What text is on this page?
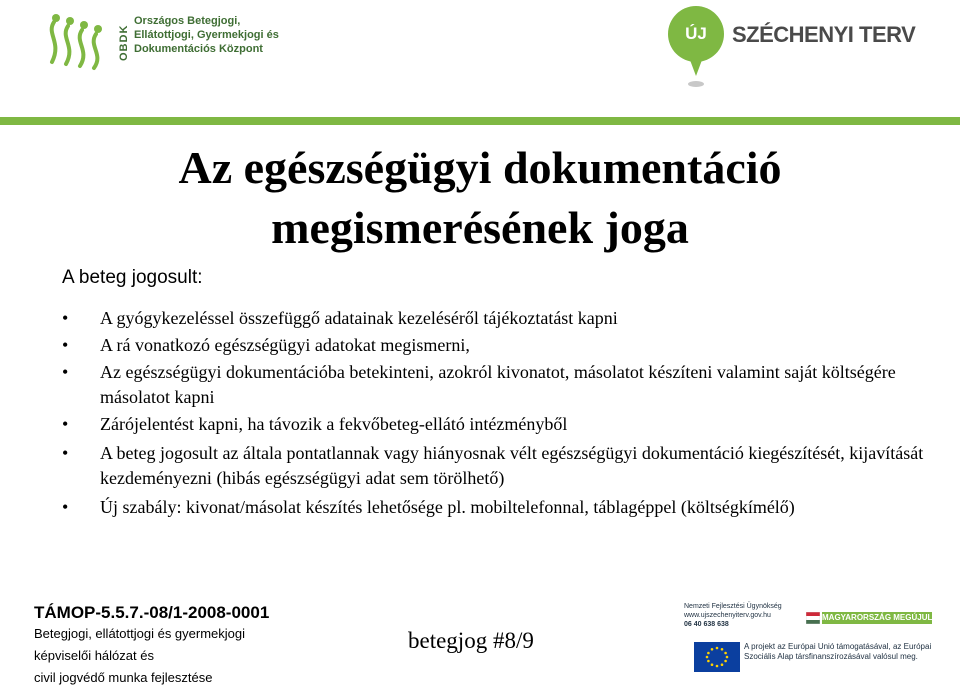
OBDK
Országos Betegjogi,
Ellátottjogi, Gyermekjogi és
Dokumentációs Központ
ÚJ	SZÉCHENYI TERV
Az egészségügyi dokumentáció
megismerésének joga
A beteg jogosult:
• A gyógykezeléssel összefüggő adatainak kezeléséről tájékoztatást kapni
• A rá vonatkozó egészségügyi adatokat megismerni,
• Az egészségügyi dokumentációba betekinteni, azokról kivonatot, másolatot készíteni valamint saját költségére másolatot kapni
• Zárójelentést kapni, ha távozik a fekvőbeteg-ellátó intézményből
• A beteg jogosult az általa pontatlannak vagy hiányosnak vélt egészségügyi dokumentáció kiegészítését, kijavítását kezdeményezni (hibás egészségügyi adat sem törölhető)
• Új szabály: kivonat/másolat készítés lehetősége pl. mobiltelefonnal, táblagéppel (költségkímélő)
TÁMOP-5.5.7.-08/1-2008-0001
Betegjogi, ellátottjogi és gyermekjogi
képviselői hálózat és
civil jogvédő munka fejlesztése
betegjog #8/9
Nemzeti Fejlesztési Ügynökség
www.ujszechenyiterv.gov.hu
06 40 638 638
MAGYARORSZÁG MEGÚJUL
A projekt az Európai Unió támogatásával, az Európai
Szociális Alap társfinanszírozásával valósul meg.
